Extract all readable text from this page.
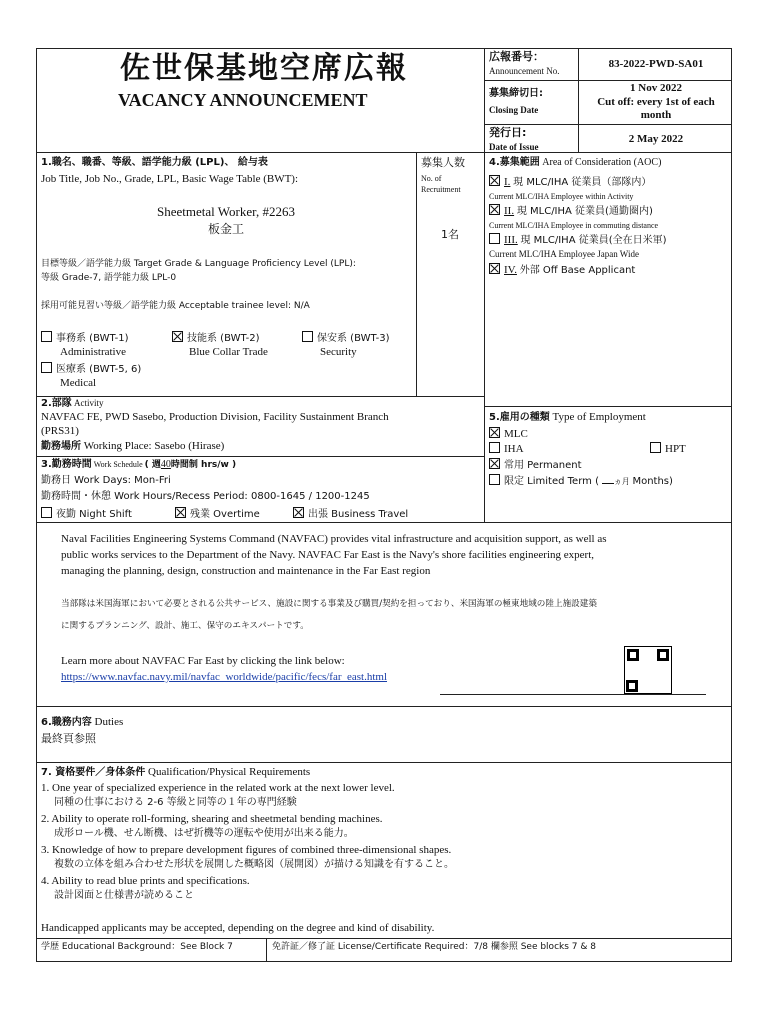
佐世保基地空席広報
VACANCY ANNOUNCEMENT
広報番号：
Announcement No.
83-2022-PWD-SA01
募集締切日:
Closing Date
1 Nov 2022
Cut off: every 1st of each month
発行日:
Date of Issue
2 May 2022
1.職名、職番、等級、語学能力級 (LPL)、 給与表
Job Title, Job No., Grade, LPL, Basic Wage Table (BWT):
Sheetmetal Worker, #2263
板金工
目標等級／語学能力級 Target Grade & Language Proficiency Level (LPL):
等級 Grade-7, 語学能力級 LPL-0
採用可能見習い等級／語学能力級 Acceptable trainee level: N/A
事務系 (BWT-1)
Administrative
技能系 (BWT-2)
Blue Collar Trade
保安系 (BWT-3)
Security
医療系 (BWT-5, 6)
Medical
募集人数
No. of
Recruitment
1名
4.募集範囲 Area of Consideration (AOC)
I. 現 MLC/IHA 従業員（部隊内）
Current MLC/IHA Employee within Activity
II. 現 MLC/IHA 従業員(通勤圏内)
Current MLC/IHA Employee in commuting distance
III. 現 MLC/IHA 従業員(全在日米軍)
Current MLC/IHA Employee Japan Wide
IV. 外部 Off Base Applicant
2.部隊 Activity
NAVFAC FE, PWD Sasebo, Production Division, Facility Sustainment Branch
(PRS31)
勤務場所 Working Place: Sasebo (Hirase)
3.勤務時間 Work Schedule ( 週40時間制 hrs/w )
勤務日 Work Days: Mon-Fri
勤務時間・休憩 Work Hours/Recess Period: 0800-1645 / 1200-1245
夜勤 Night Shift	残業 Overtime	出張 Business Travel
5.雇用の種類 Type of Employment
MLC
IHA	HPT
常用 Permanent
限定 Limited Term ( ヵ月 Months)
Naval Facilities Engineering Systems Command (NAVFAC) provides vital infrastructure and acquisition support, as well as
public works services to the Department of the Navy. NAVFAC Far East is the Navy's shore facilities engineering expert,
managing the planning, design, construction and maintenance in the Far East region
当部隊は米国海軍において必要とされる公共サービス、施設に関する事業及び購買/契約を担っており、米国海軍の極東地域の陸上施設建築
に関するプランニング、設計、施工、保守のエキスパートです。
Learn more about NAVFAC Far East by clicking the link below:
https://www.navfac.navy.mil/navfac_worldwide/pacific/fecs/far_east.html
6.職務内容 Duties
最終頁参照
7. 資格要件／身体条件 Qualification/Physical Requirements
1. One year of specialized experience in the related work at the next lower level.
同種の仕事における 2-6 等級と同等の１年の専門経験
2. Ability to operate roll-forming, shearing and sheetmetal bending machines.
成形ロール機、せん断機、はぜ折機等の運転や使用が出来る能力。
3. Knowledge of how to prepare development figures of combined three-dimensional shapes.
複数の立体を組み合わせた形状を展開した概略図（展開図）が描ける知識を有すること。
4. Ability to read blue prints and specifications.
設計図面と仕様書が読めること
Handicapped applicants may be accepted, depending on the degree and kind of disability.
学歴 Educational Background：See Block 7	免許証／修了証 License/Certificate Required：7/8 欄参照 See blocks 7 & 8
